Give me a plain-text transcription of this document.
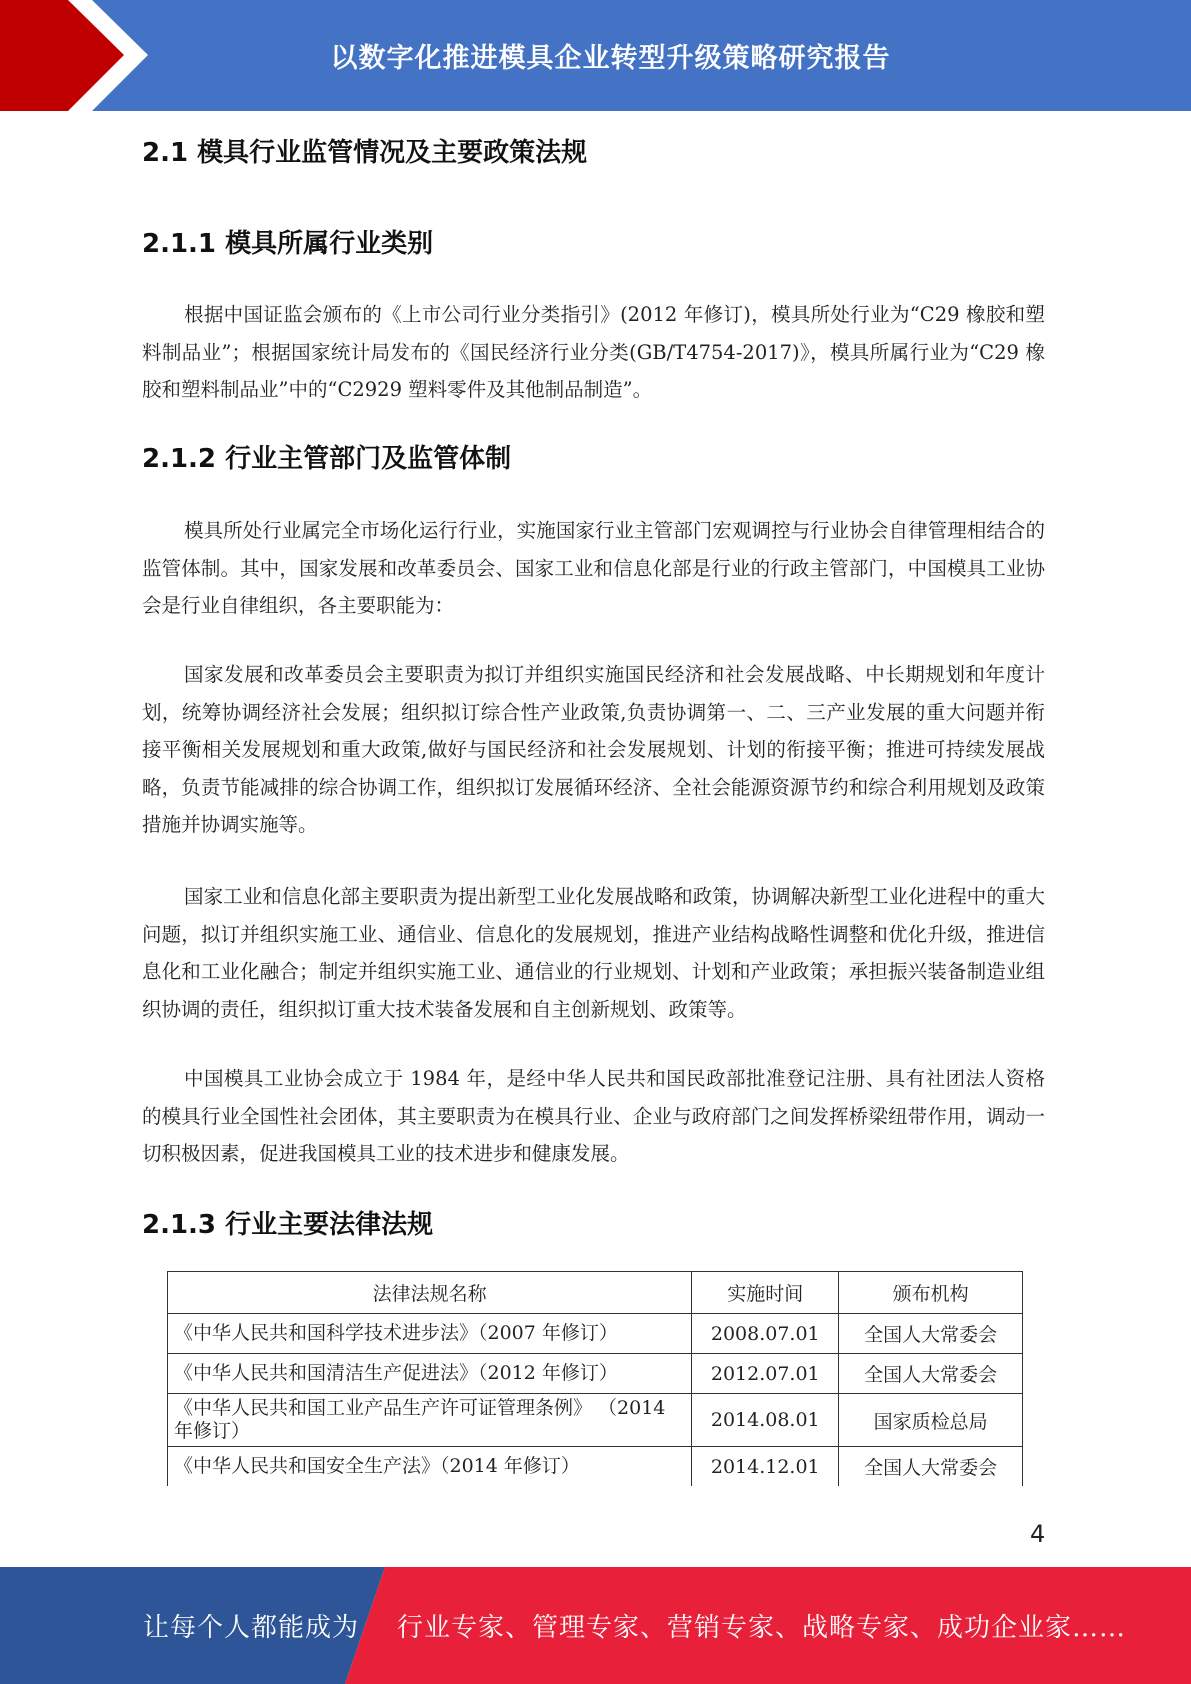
以数字化推进模具企业转型升级策略研究报告
2.1 模具行业监管情况及主要政策法规
2.1.1 模具所属行业类别

根据中国证监会颁布的《上市公司行业分类指引》(2012 年修订)，模具所处行业为“C29 橡胶和塑料制品业”；根据国家统计局发布的《国民经济行业分类(GB/T4754-2017)》，模具所属行业为“C29 橡胶和塑料制品业”中的“C2929 塑料零件及其他制品制造”。

2.1.2 行业主管部门及监管体制

模具所处行业属完全市场化运行行业，实施国家行业主管部门宏观调控与行业协会自律管理相结合的监管体制。其中，国家发展和改革委员会、国家工业和信息化部是行业的行政主管部门，中国模具工业协会是行业自律组织，各主要职能为：

国家发展和改革委员会主要职责为拟订并组织实施国民经济和社会发展战略、中长期规划和年度计划，统筹协调经济社会发展；组织拟订综合性产业政策,负责协调第一、二、三产业发展的重大问题并衔接平衡相关发展规划和重大政策,做好与国民经济和社会发展规划、计划的衔接平衡；推进可持续发展战略，负责节能减排的综合协调工作，组织拟订发展循环经济、全社会能源资源节约和综合利用规划及政策措施并协调实施等。

国家工业和信息化部主要职责为提出新型工业化发展战略和政策，协调解决新型工业化进程中的重大问题，拟订并组织实施工业、通信业、信息化的发展规划，推进产业结构战略性调整和优化升级，推进信息化和工业化融合；制定并组织实施工业、通信业的行业规划、计划和产业政策；承担振兴装备制造业组织协调的责任，组织拟订重大技术装备发展和自主创新规划、政策等。

中国模具工业协会成立于 1984 年，是经中华人民共和国民政部批准登记注册、具有社团法人资格的模具行业全国性社会团体，其主要职责为在模具行业、企业与政府部门之间发挥桥梁纽带作用，调动一切积极因素，促进我国模具工业的技术进步和健康发展。

2.1.3 行业主要法律法规
法律法规名称	实施时间	颁布机构
《中华人民共和国科学技术进步法》（2007 年修订）	2008.07.01	全国人大常委会
《中华人民共和国清洁生产促进法》（2012 年修订）	2012.07.01	全国人大常委会
《中华人民共和国工业产品生产许可证管理条例》 （2014 年修订）	2014.08.01	国家质检总局
《中华人民共和国安全生产法》（2014 年修订）	2014.12.01	全国人大常委会
4
让每个人都能成为 行业专家、管理专家、营销专家、战略专家、成功企业家……
